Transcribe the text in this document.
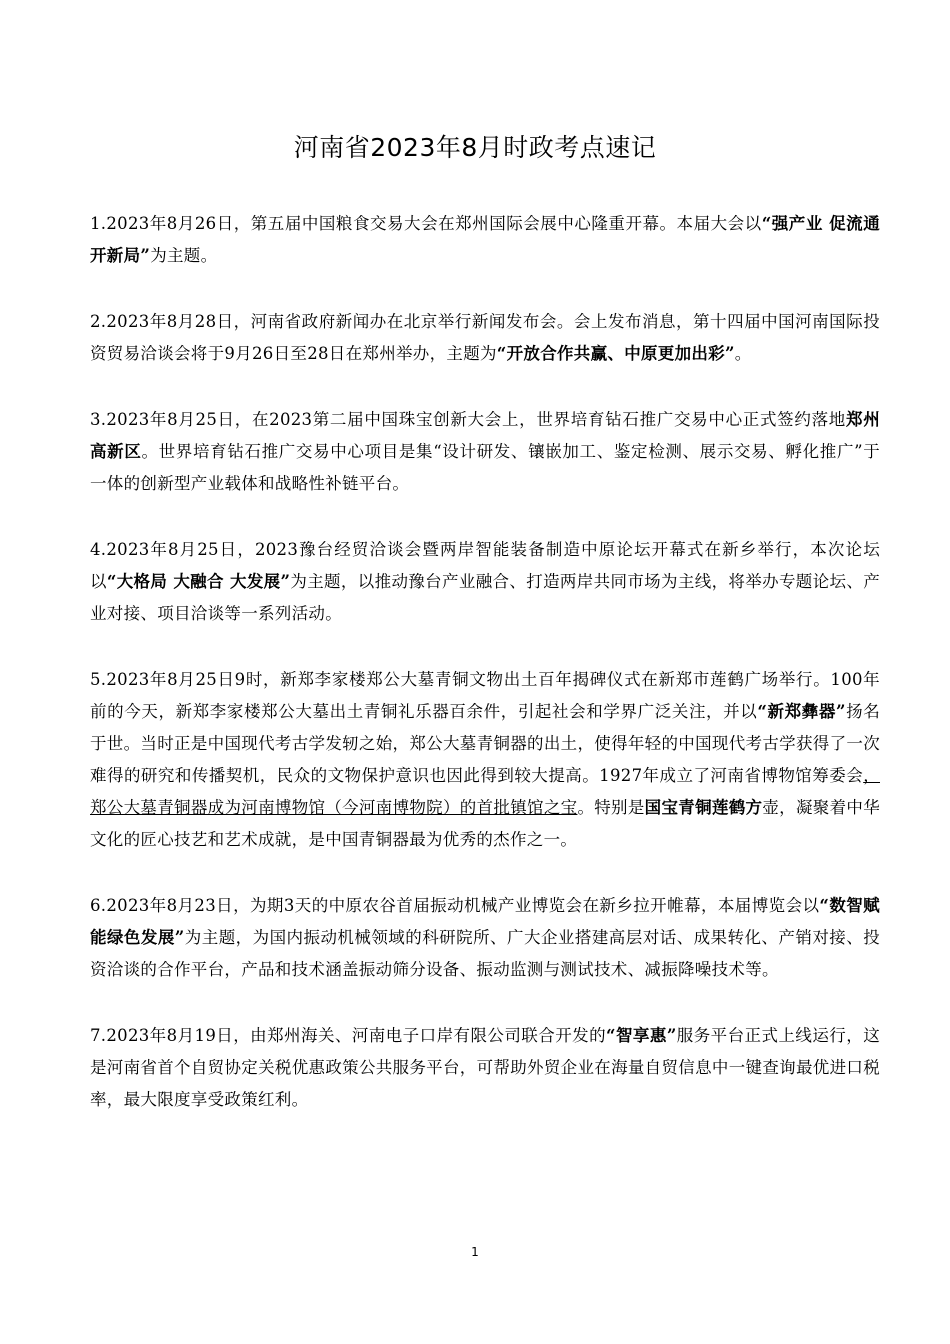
河南省2023年8月时政考点速记

1.2023年8月26日，第五届中国粮食交易大会在郑州国际会展中心隆重开幕。本届大会以“强产业 促流通 开新局”为主题。

2.2023年8月28日，河南省政府新闻办在北京举行新闻发布会。会上发布消息，第十四届中国河南国际投资贸易洽谈会将于9月26日至28日在郑州举办，主题为“开放合作共赢、中原更加出彩”。

3.2023年8月25日，在2023第二届中国珠宝创新大会上，世界培育钻石推广交易中心正式签约落地郑州高新区。世界培育钻石推广交易中心项目是集“设计研发、镶嵌加工、鉴定检测、展示交易、孵化推广”于一体的创新型产业载体和战略性补链平台。

4.2023年8月25日，2023豫台经贸洽谈会暨两岸智能装备制造中原论坛开幕式在新乡举行，本次论坛以“大格局 大融合 大发展”为主题，以推动豫台产业融合、打造两岸共同市场为主线，将举办专题论坛、产业对接、项目洽谈等一系列活动。

5.2023年8月25日9时，新郑李家楼郑公大墓青铜文物出土百年揭碑仪式在新郑市莲鹤广场举行。100年前的今天，新郑李家楼郑公大墓出土青铜礼乐器百余件，引起社会和学界广泛关注，并以“新郑彝器”扬名于世。当时正是中国现代考古学发轫之始，郑公大墓青铜器的出土，使得年轻的中国现代考古学获得了一次难得的研究和传播契机，民众的文物保护意识也因此得到较大提高。1927年成立了河南省博物馆筹委会，郑公大墓青铜器成为河南博物馆（今河南博物院）的首批镇馆之宝。特别是国宝青铜莲鹤方壶，凝聚着中华文化的匠心技艺和艺术成就，是中国青铜器最为优秀的杰作之一。

6.2023年8月23日，为期3天的中原农谷首届振动机械产业博览会在新乡拉开帷幕，本届博览会以“数智赋能绿色发展”为主题，为国内振动机械领域的科研院所、广大企业搭建高层对话、成果转化、产销对接、投资洽谈的合作平台，产品和技术涵盖振动筛分设备、振动监测与测试技术、减振降噪技术等。

7.2023年8月19日，由郑州海关、河南电子口岸有限公司联合开发的“智享惠”服务平台正式上线运行，这是河南省首个自贸协定关税优惠政策公共服务平台，可帮助外贸企业在海量自贸信息中一键查询最优进口税率，最大限度享受政策红利。

1
